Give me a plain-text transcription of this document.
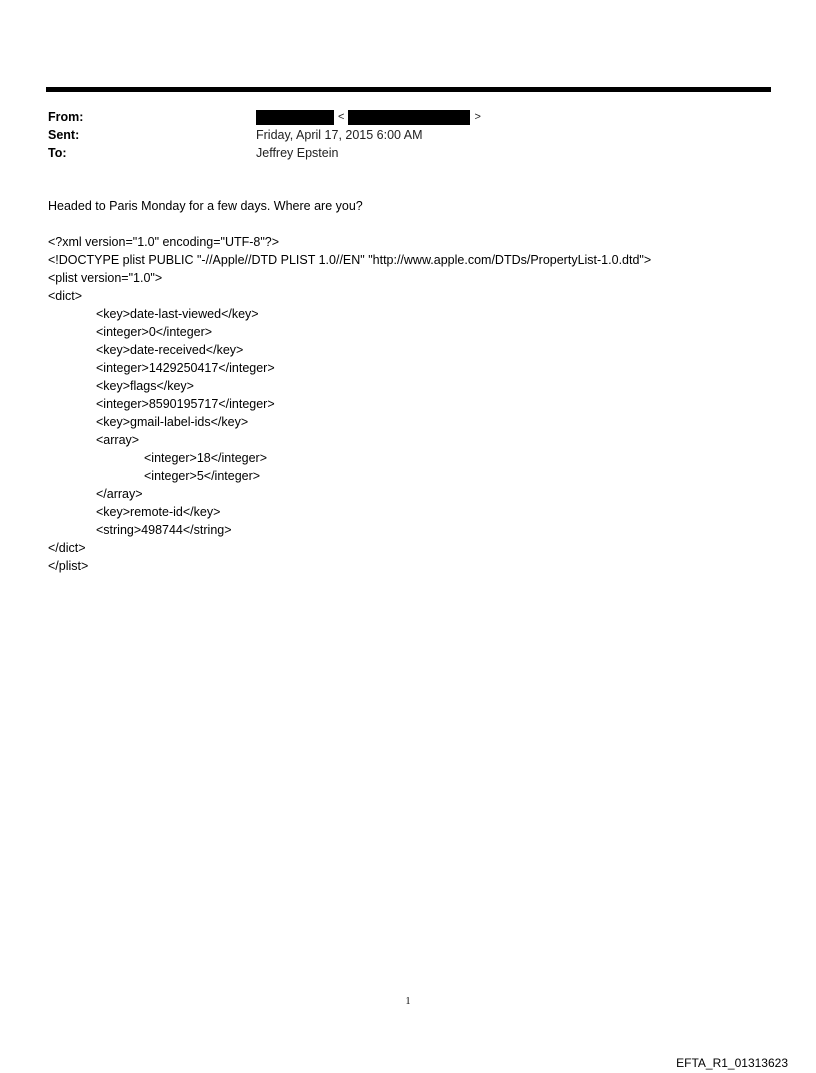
From:
Sent:
To:
<	>
Friday, April 17, 2015 6:00 AM
Jeffrey Epstein
Headed to Paris Monday for a few days. Where are you?
<?xml version="1.0" encoding="UTF-8"?>
<!DOCTYPE plist PUBLIC "-//Apple//DTD PLIST 1.0//EN" "http://www.apple.com/DTDs/PropertyList-1.0.dtd">
<plist version="1.0">
<dict>
<key>date-last-viewed</key>
<integer>0</integer>
<key>date-received</key>
<integer>1429250417</integer>
<key>flags</key>
<integer>8590195717</integer>
<key>gmail-label-ids</key>
<array>
<integer>18</integer>
<integer>5</integer>
</array>
<key>remote-id</key>
<string>498744</string>
</dict>
</plist>
1
EFTA_R1_01313623
